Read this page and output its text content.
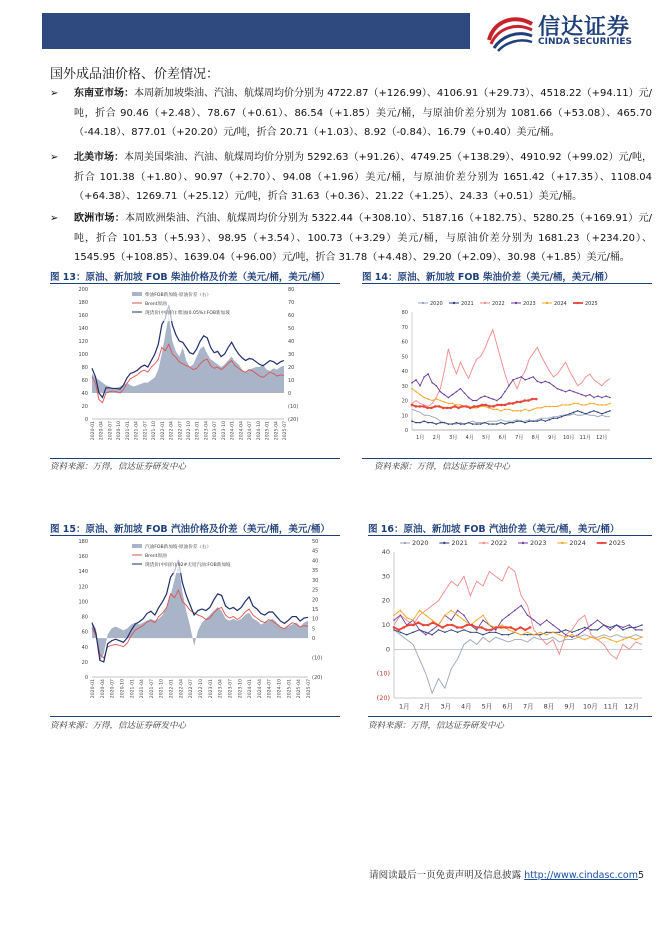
信达证券
CINDA SECURITIES
国外成品油价格、价差情况：
➢ 东南亚市场：本周新加坡柴油、汽油、航煤周均价分别为 4722.87（+126.99）、4106.91（+29.73）、4518.22（+94.11）元/吨，折合 90.46（+2.48）、78.67（+0.61）、86.54（+1.85）美元/桶，与原油价差分别为 1081.66（+53.08）、465.70（-44.18）、877.01（+20.20）元/吨，折合 20.71（+1.03）、8.92（-0.84）、16.79（+0.40）美元/桶。
➢ 北美市场：本周美国柴油、汽油、航煤周均价分别为 5292.63（+91.26）、4749.25（+138.29）、4910.92（+99.02）元/吨，折合 101.38（+1.80）、90.97（+2.70）、94.08（+1.96）美元/桶，与原油价差分别为 1651.42（+17.35）、1108.04（+64.38）、1269.71（+25.12）元/吨，折合 31.63（+0.36）、21.22（+1.25）、24.33（+0.51）美元/桶。
➢ 欧洲市场：本周欧洲柴油、汽油、航煤周均价分别为 5322.44（+308.10）、5187.16（+182.75）、5280.25（+169.91）元/吨，折合 101.53（+5.93）、98.95（+3.54）、100.73（+3.29）美元/桶，与原油价差分别为 1681.23（+234.20）、1545.95（+108.85）、1639.04（+96.00）元/吨，折合 31.78（+4.48）、29.20（+2.09）、30.98（+1.85）美元/桶。
图 13：原油、新加坡 FOB 柴油价格及价差（美元/桶，美元/桶）
0
20
40
60
80
100
120
140
160
180
200
(20)
(10)
0
10
20
30
40
50
60
70
80
2020-01 2020-04 2020-07 2020-10 2021-01 2021-04 2021-07 2021-10 2022-01 2022-04 2022-07 2022-10 2023-01 2023-04 2023-07 2023-10 2024-01 2024-04 2024-07 2024-10 2025-01 2025-04 2025-07
柴油FOB新加坡-原油价差（右）
Brent原油
现货价(中间价):柴油(0.05%):FOB新加坡
资料来源：万得，信达证券研发中心
图 14：原油、新加坡 FOB 柴油价差（美元/桶，美元/桶）
0
10
20
30
40
50
60
70
80
1月 2月 3月 4月 5月 6月 7月 8月 9月 10月 11月 12月
2020	2021	2022	2023	2024	2025
资料来源：万得，信达证券研发中心
图 15：原油、新加坡 FOB 汽油价格及价差（美元/桶，美元/桶）
0
20
40
60
80
100
120
140
160
180
(20)
(10)
0
5
10
15
20
25
30
35
40
45
50
2020-01 2020-04 2020-07 2020-10 2021-01 2021-04 2021-07 2021-10 2022-01 2022-04 2022-07 2022-10 2023-01 2023-04 2023-07 2023-10 2024-01 2024-04 2024-07 2024-10 2025-01 2025-04 2025-07
汽油FOB新加坡-原油价差（右）
Brent原油
现货价(中间价):92#无铅汽油:FOB新加坡
资料来源：万得，信达证券研发中心
图 16：原油、新加坡 FOB 汽油价差（美元/桶，美元/桶）
(20)
(10)
0
10
20
30
40
1月 2月 3月 4月 5月 6月 7月 8月 9月 10月 11月 12月
2020	2021	2022	2023	2024	2025
资料来源：万得，信达证券研发中心
请阅读最后一页免责声明及信息披露 http://www.cindasc.com5
